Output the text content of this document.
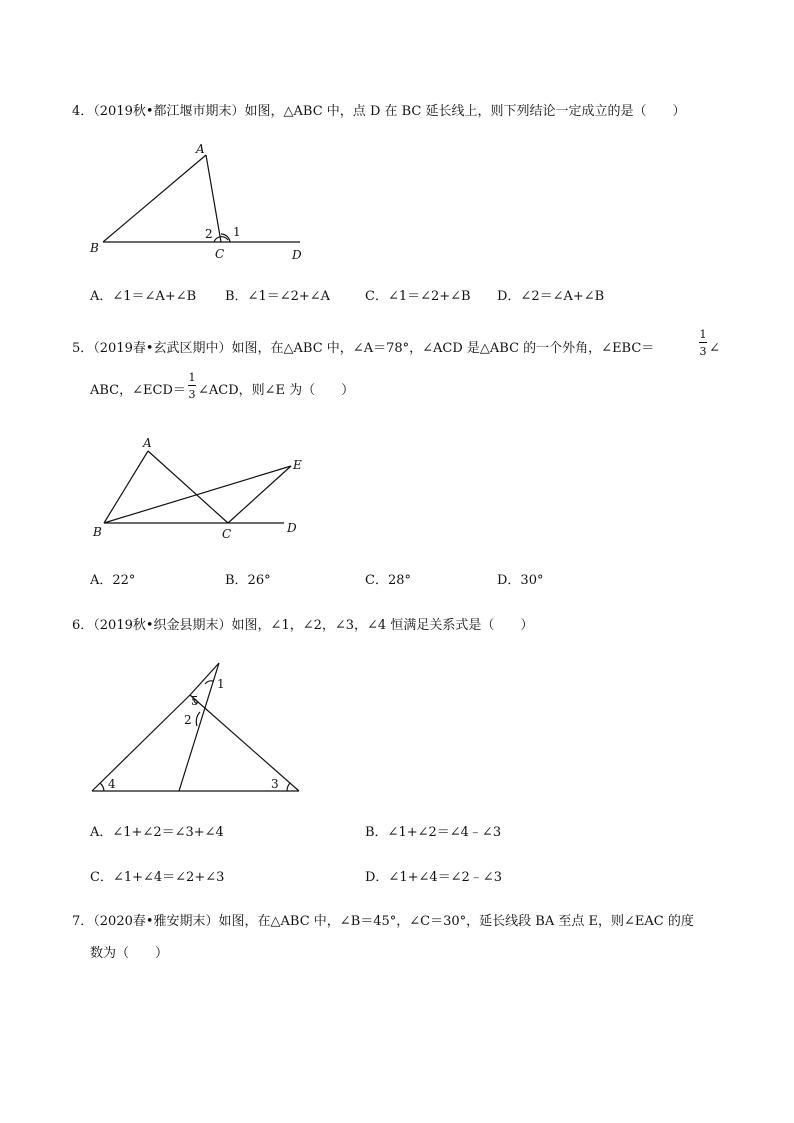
4．（2019秋•都江堰市期末）如图，△ABC 中，点 D 在 BC 延长线上，则下列结论一定成立的是（　　）
A
B	C	D
2 1
A．∠1＝∠A+∠B B．∠1＝∠2+∠A	C．∠1＝∠2+∠B D．∠2＝∠A+∠B
5．（2019春•玄武区期中）如图，在△ABC 中，∠A＝78°，∠ACD 是△ABC 的一个外角，∠EBC＝
1
3 ∠
ABC，∠ECD＝
1
3 ∠ACD，则∠E 为（　　）
A
B	C	D
E
A．22°	B．26°	C．28°	D．30°
6．（2019秋•织金县期末）如图，∠1，∠2，∠3，∠4 恒满足关系式是（　　）
1
5
2
4	3
A．∠1+∠2＝∠3+∠4	B．∠1+∠2＝∠4﹣∠3
C．∠1+∠4＝∠2+∠3	D．∠1+∠4＝∠2﹣∠3
7．（2020春•雅安期末）如图，在△ABC 中，∠B＝45°，∠C＝30°，延长线段 BA 至点 E，则∠EAC 的度
数为（　　）
